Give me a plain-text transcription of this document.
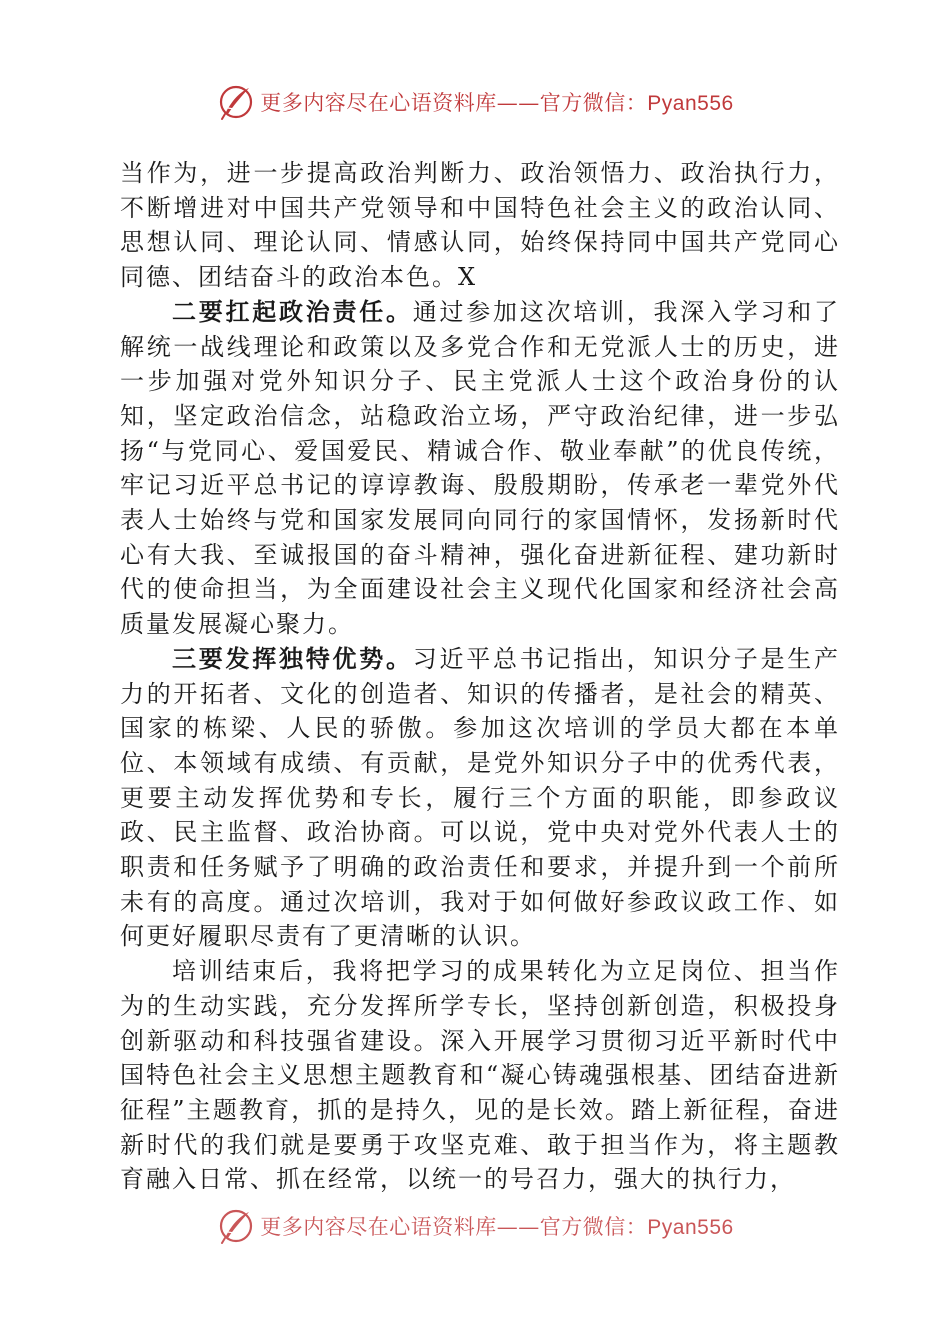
更多内容尽在心语资料库——官方微信：Pyan556

当作为，进一步提高政治判断力、政治领悟力、政治执行力，不断增进对中国共产党领导和中国特色社会主义的政治认同、思想认同、理论认同、情感认同，始终保持同中国共产党同心同德、团结奋斗的政治本色。X

二要扛起政治责任。通过参加这次培训，我深入学习和了解统一战线理论和政策以及多党合作和无党派人士的历史，进一步加强对党外知识分子、民主党派人士这个政治身份的认知，坚定政治信念，站稳政治立场，严守政治纪律，进一步弘扬“与党同心、爱国爱民、精诚合作、敬业奉献”的优良传统，牢记习近平总书记的谆谆教诲、殷殷期盼，传承老一辈党外代表人士始终与党和国家发展同向同行的家国情怀，发扬新时代心有大我、至诚报国的奋斗精神，强化奋进新征程、建功新时代的使命担当，为全面建设社会主义现代化国家和经济社会高质量发展凝心聚力。

三要发挥独特优势。习近平总书记指出，知识分子是生产力的开拓者、文化的创造者、知识的传播者，是社会的精英、国家的栋梁、人民的骄傲。参加这次培训的学员大都在本单位、本领域有成绩、有贡献，是党外知识分子中的优秀代表，更要主动发挥优势和专长，履行三个方面的职能，即参政议政、民主监督、政治协商。可以说，党中央对党外代表人士的职责和任务赋予了明确的政治责任和要求，并提升到一个前所未有的高度。通过次培训，我对于如何做好参政议政工作、如何更好履职尽责有了更清晰的认识。

培训结束后，我将把学习的成果转化为立足岗位、担当作为的生动实践，充分发挥所学专长，坚持创新创造，积极投身创新驱动和科技强省建设。深入开展学习贯彻习近平新时代中国特色社会主义思想主题教育和“凝心铸魂强根基、团结奋进新征程”主题教育，抓的是持久，见的是长效。踏上新征程，奋进新时代的我们就是要勇于攻坚克难、敢于担当作为，将主题教育融入日常、抓在经常，以统一的号召力，强大的执行力，

更多内容尽在心语资料库——官方微信：Pyan556
